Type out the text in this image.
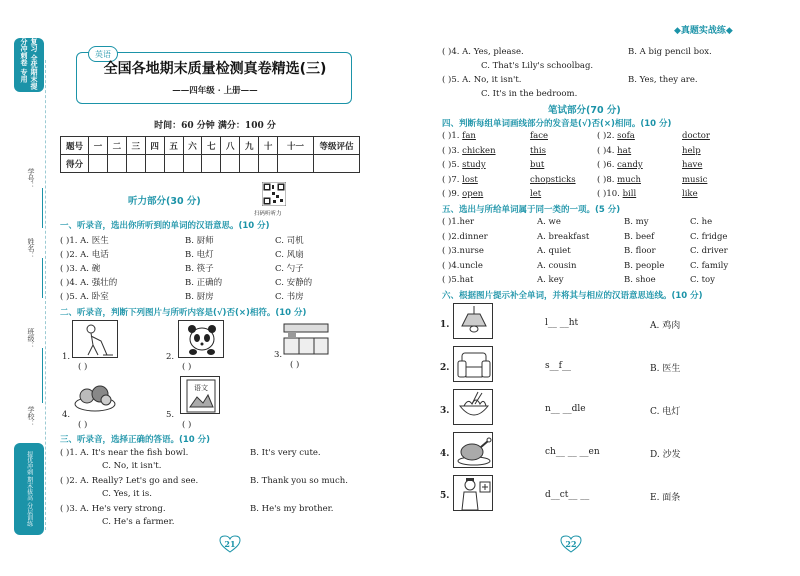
复习 全优期末提分冲刺卷 专用
学号：
姓名：
班级：
学校：
提优冲刺 期末拔高 分层训练
英语
全国各地期末质量检测真卷精选(三)
——四年级 · 上册——
时间：60 分钟 满分：100 分
题号	一	二	三	四	五	六	七	八	九	十	十一	等级评估
得分												
听力部分(30 分)
扫码听听力
一、听录音，选出你所听到的单词的汉语意思。(10 分)
( )1. A. 医生	B. 厨师	C. 司机
( )2. A. 电话	B. 电灯	C. 风扇
( )3. A. 碗	B. 筷子	C. 勺子
( )4. A. 强壮的	B. 正确的	C. 安静的
( )5. A. 卧室	B. 厨房	C. 书房
二、听录音，判断下列图片与所听内容是(√)否(×)相符。(10 分)
1.
( )
2.
( )
3.
( )
4.
( )
语文
5.
( )
三、听录音，选择正确的答语。(10 分)
( )1. A. It's near the fish bowl.	B. It's very cute.
C. No, it isn't.
( )2. A. Really? Let's go and see.	B. Thank you so much.
C. Yes, it is.
( )3. A. He's very strong.	B. He's my brother.
C. He's a farmer.
21
◆真题实战练◆
( )4. A. Yes, please.	B. A big pencil box.
C. That's Lily's schoolbag.
( )5. A. No, it isn't.	B. Yes, they are.
C. It's in the bedroom.
笔试部分(70 分)
四、判断每组单词画线部分的发音是(√)否(×)相同。(10 分)
( )1. fan	face	( )2. sofa	doctor
( )3. chicken	this	( )4. hat	help
( )5. study	but	( )6. candy	have
( )7. lost	chopsticks	( )8. much	music
( )9. open	let	( )10. bill	like
五、选出与所给单词属于同一类的一项。(5 分)
( )1.her	A. we	B. my	C. he
( )2.dinner	A. breakfast	B. beef	C. fridge
( )3.nurse	A. quiet	B. floor	C. driver
( )4.uncle	A. cousin	B. people	C. family
( )5.hat	A. key	B. shoe	C. toy
六、根据图片提示补全单词，并将其与相应的汉语意思连线。(10 分)
1.	l__ __ht	A. 鸡肉
2.	s__f__	B. 医生
3.	n__ __dle	C. 电灯
4.	ch__ __ __en	D. 沙发
5.	d__ct__ __	E. 面条
22
